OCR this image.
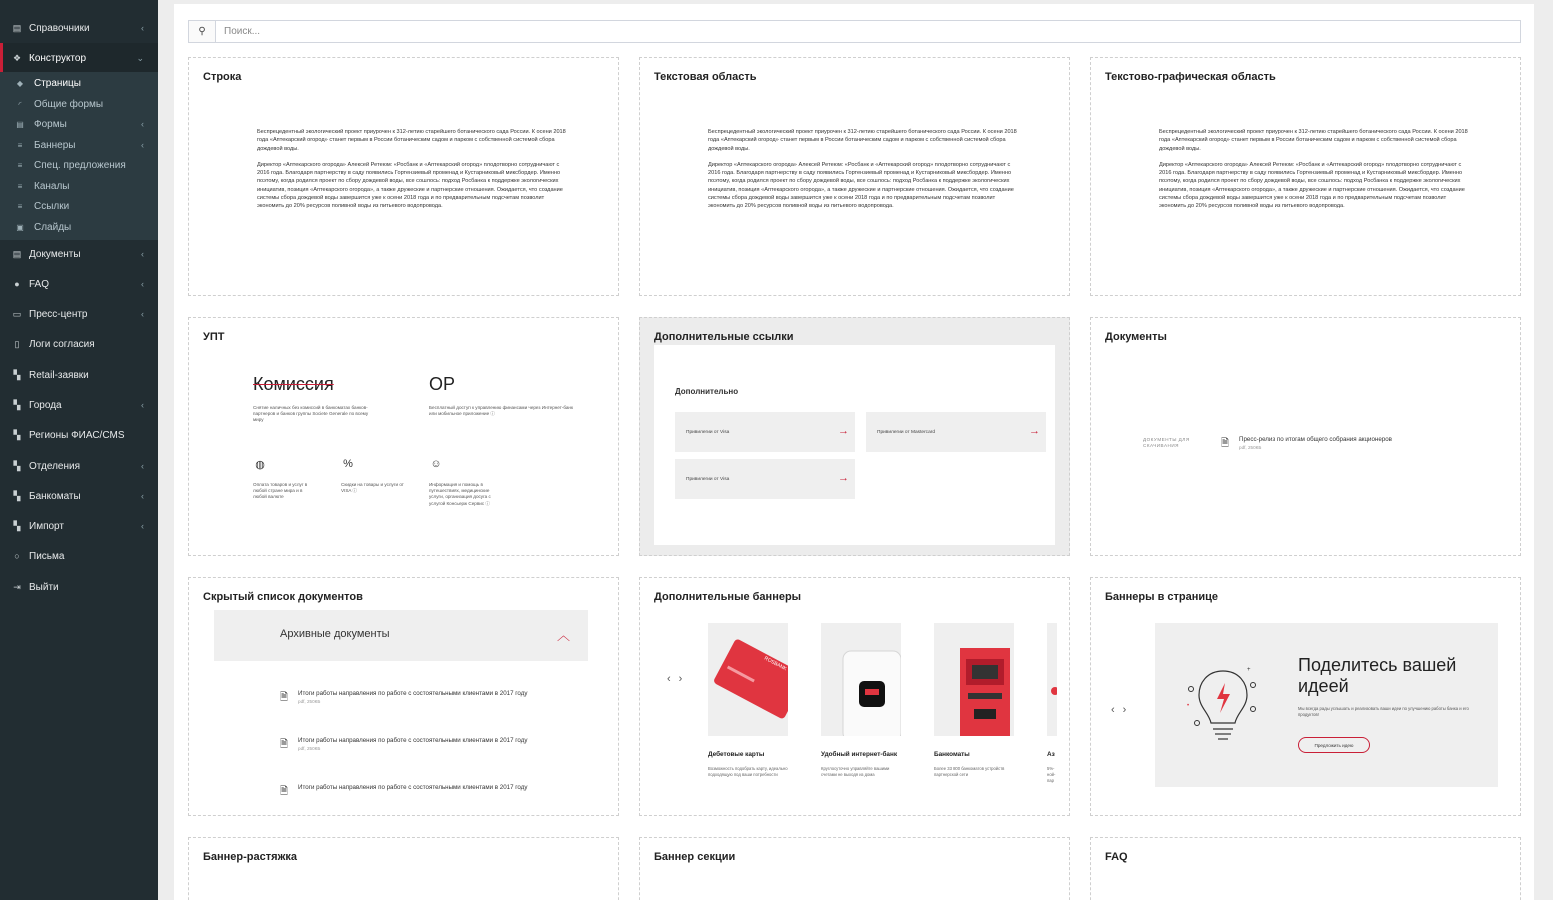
▤ Справочники	‹
❖ Конструктор	⌄
◆ Страницы
◜	Общие формы
▤ Формы	‹
≡	Баннеры	‹
≡	Спец. предложения
≡	Каналы
≡	Ссылки
▣ Слайды
▤ Документы	‹
● FAQ	‹
▭ Пресс-центр	‹
▯ Логи согласия
▚ Retail-заявки
▚ Города	‹
▚ Регионы ФИАС/CMS
▚ Отделения	‹
▚ Банкоматы	‹
▚ Импорт	‹
○ Письма
⇥ Выйти
⚲
Поиск...
Строка

Беспрецедентный экологический проект приурочен к 312-летию старейшего ботанического сада России. К осени 2018 года «Аптекарский огород» станет первым в России ботаническим садом и парком с собственной системой сбора дождевой воды.

Директор «Аптекарского огорода» Алексей Ретеюм: «Росбанк и «Аптекарский огород» плодотворно сотрудничают с 2016 года. Благодаря партнерству в саду появились Гортензиевый променад и Кустарниковый миксбордер. Именно поэтому, когда родился проект по сбору дождевой воды, все сошлось: подход Росбанка к поддержке экологических инициатив, позиция «Аптекарского огорода», а также дружеские и партнерские отношения. Ожидается, что создание системы сбора дождевой воды завершится уже к осени 2018 года и по предварительным подсчетам позволит экономить до 20% ресурсов поливной воды из питьевого водопровода.

Текстовая область

Беспрецедентный экологический проект приурочен к 312-летию старейшего ботанического сада России. К осени 2018 года «Аптекарский огород» станет первым в России ботаническим садом и парком с собственной системой сбора дождевой воды.

Директор «Аптекарского огорода» Алексей Ретеюм: «Росбанк и «Аптекарский огород» плодотворно сотрудничают с 2016 года. Благодаря партнерству в саду появились Гортензиевый променад и Кустарниковый миксбордер. Именно поэтому, когда родился проект по сбору дождевой воды, все сошлось: подход Росбанка к поддержке экологических инициатив, позиция «Аптекарского огорода», а также дружеские и партнерские отношения. Ожидается, что создание системы сбора дождевой воды завершится уже к осени 2018 года и по предварительным подсчетам позволит экономить до 20% ресурсов поливной воды из питьевого водопровода.

Текстово-графическая область

Беспрецедентный экологический проект приурочен к 312-летию старейшего ботанического сада России. К осени 2018 года «Аптекарский огород» станет первым в России ботаническим садом и парком с собственной системой сбора дождевой воды.

Директор «Аптекарского огорода» Алексей Ретеюм: «Росбанк и «Аптекарский огород» плодотворно сотрудничают с 2016 года. Благодаря партнерству в саду появились Гортензиевый променад и Кустарниковый миксбордер. Именно поэтому, когда родился проект по сбору дождевой воды, все сошлось: подход Росбанка к поддержке экологических инициатив, позиция «Аптекарского огорода», а также дружеские и партнерские отношения. Ожидается, что создание системы сбора дождевой воды завершится уже к осени 2018 года и по предварительным подсчетам позволит экономить до 20% ресурсов поливной воды из питьевого водопровода.

УПТ
Комиссия
Снятие наличных без комиссий в банкоматах банков-партнеров и банков группы Societe Generale по всему миру
ОР
Бесплатный доступ к управлению финансами через Интернет-банк или мобильное приложение ⓘ
◍
Оплата товаров и услуг в любой стране мира и в любой валюте
%
Скидки на товары и услуги от VISA ⓘ
☺
Информация и помощь в путешествиях, медицинские услуги, организация досуга с услугой Консьерж Сервис ⓘ
Дополнительные ссылки
Дополнительно
Привилегии от Visa	→	Привилегии от Mastercard	→
Привилегии от Visa	→
Документы
ДОКУМЕНТЫ ДЛЯ СКАЧИВАНИЯ	🗎 Пресс-релиз по итогам общего собрания акционеров
pdf, 250КБ
Скрытый список документов
Архивные документы	︿
🗎 Итоги работы направления по работе с состоятельными клиентами в 2017 году
pdf, 250КБ
🗎 Итоги работы направления по работе с состоятельными клиентами в 2017 году
pdf, 250КБ
🗎 Итоги работы направления по работе с состоятельными клиентами в 2017 году
Дополнительные баннеры
‹›
ROSBANK
Дебетовые карты
Возможность подобрать карту, идеально подходящую под ваши потребности
Удобный интернет-банк
Круглосуточно управляйте вашими счетами не выходя из дома
Банкоматы
Более 33 800 банкоматов устройств партнерской сети
Аз
5%- ной- пар
Баннеры в странице
‹›
+
•
Поделитесь вашей идеей
Мы всегда рады услышать и реализовать ваши идеи по улучшению работы банка и его продуктов!
Предложить идею
Баннер-растяжка	Баннер секции	FAQ
